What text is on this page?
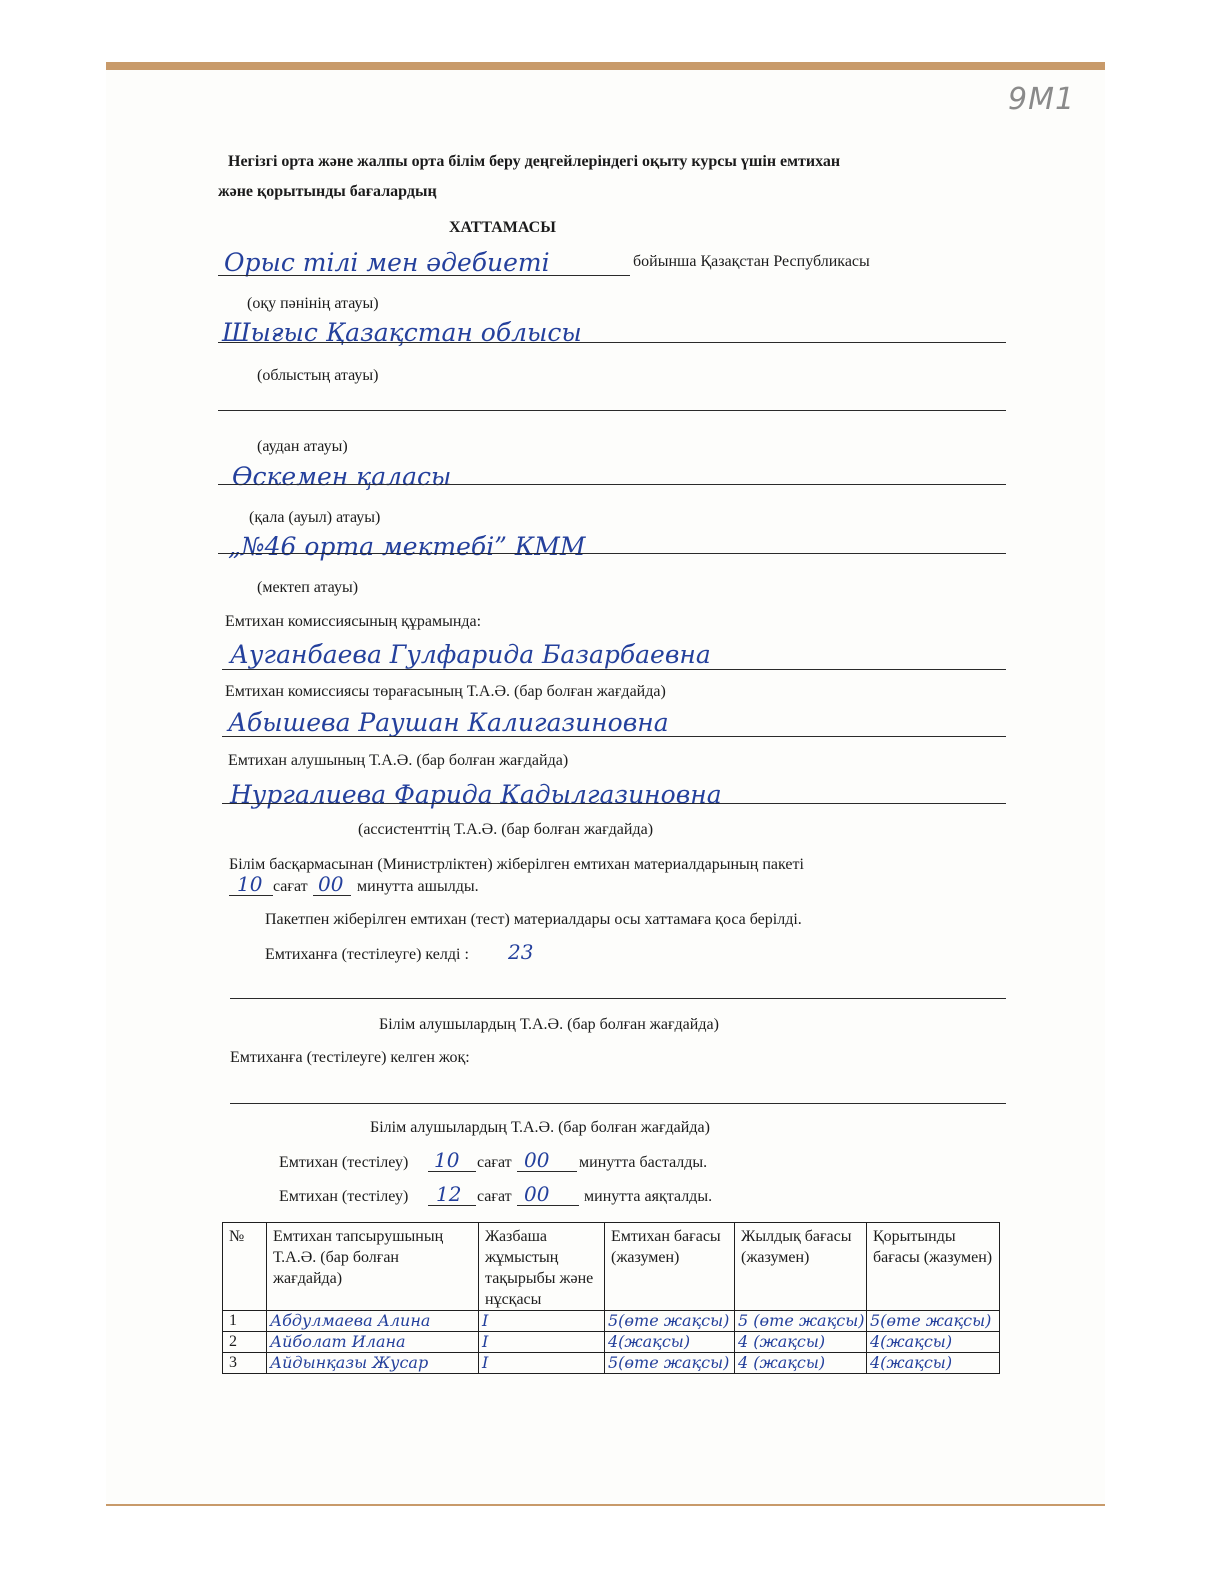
9M1
Негізгі орта және жалпы орта білім беру деңгейлеріндегі оқыту курсы үшін емтихан
және қорытынды бағалардың
ХАТТАМАСЫ
Орыс тілі мен әдебиеті	бойынша Қазақстан Республикасы
(оқу пәнінің атауы)
Шығыс Қазақстан облысы
(облыстың атауы)
(аудан атауы)
Өскемен қаласы
(қала (ауыл) атауы)
„№46 орта мектебі” КММ
(мектеп атауы)
Емтихан комиссиясының құрамында:
Ауганбаева Гулфарида Базарбаевна
Емтихан комиссиясы төрағасының Т.А.Ә. (бар болған жағдайда)
Абышева Раушан Калигазиновна
Емтихан алушының Т.А.Ә. (бар болған жағдайда)
Нургалиева Фарида Кадылгазиновна
(ассистенттің Т.А.Ә. (бар болған жағдайда)
Білім басқармасынан (Министрліктен) жіберілген емтихан материалдарының пакеті
10 сағат 00 минутта ашылды.
Пакетпен жіберілген емтихан (тест) материалдары осы хаттамаға қоса берілді.
Емтиханға (тестілеуге) келді : 23
Білім алушылардың Т.А.Ә. (бар болған жағдайда)
Емтиханға (тестілеуге) келген жоқ:
Білім алушылардың Т.А.Ә. (бар болған жағдайда)
Емтихан (тестілеу) 10 сағат 00 минутта басталды.
Емтихан (тестілеу) 12 сағат 00 минутта аяқталды.
№	Емтихан тапсырушының Т.А.Ә. (бар болған жағдайда)	Жазбаша жұмыстың тақырыбы және нұсқасы	Емтихан бағасы (жазумен)	Жылдық бағасы (жазумен)	Қорытынды бағасы (жазумен)
1	Абдулмаева Алина	I	5(өте жақсы)	5 (өте жақсы)	5(өте жақсы)
2	Айболат Илана	I	4(жақсы)	4 (жақсы)	4(жақсы)
3	Айдынқазы Жусар	I	5(өте жақсы)	4 (жақсы)	4(жақсы)
